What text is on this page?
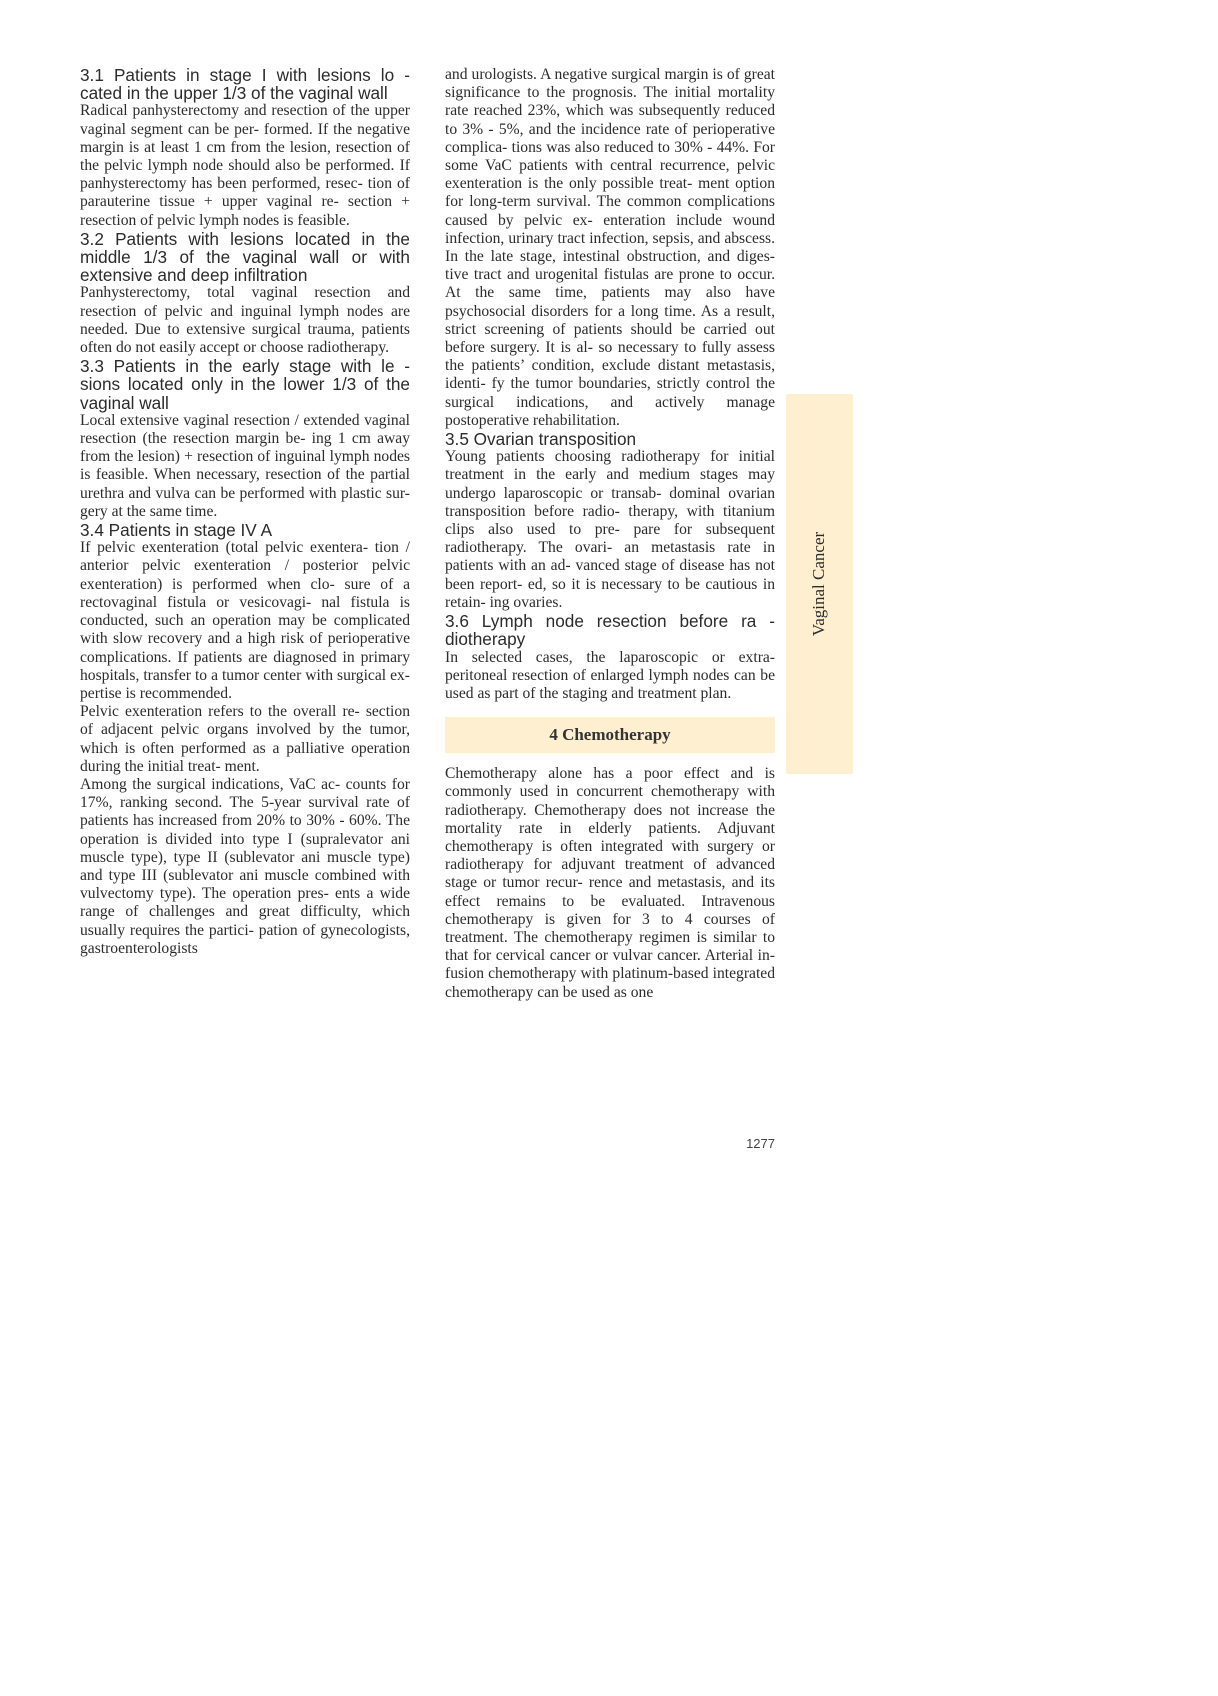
3.1 Patients in stage I with lesions lo - cated in the upper 1/3 of the vaginal wall

Radical panhysterectomy and resection of the upper vaginal segment can be per- formed. If the negative margin is at least 1 cm from the lesion, resection of the pelvic lymph node should also be performed. If panhysterectomy has been performed, resec- tion of parauterine tissue + upper vaginal re- section + resection of pelvic lymph nodes is feasible.

3.2 Patients with lesions located in the middle 1/3 of the vaginal wall or with extensive and deep infiltration

Panhysterectomy, total vaginal resection and resection of pelvic and inguinal lymph nodes are needed. Due to extensive surgical trauma, patients often do not easily accept or choose radiotherapy.

3.3 Patients in the early stage with le - sions located only in the lower 1/3 of the vaginal wall

Local extensive vaginal resection / extended vaginal resection (the resection margin be- ing 1 cm away from the lesion) + resection of inguinal lymph nodes is feasible. When necessary, resection of the partial urethra and vulva can be performed with plastic sur- gery at the same time.

3.4 Patients in stage IV A

If pelvic exenteration (total pelvic exentera- tion / anterior pelvic exenteration / posterior pelvic exenteration) is performed when clo- sure of a rectovaginal fistula or vesicovagi- nal fistula is conducted, such an operation may be complicated with slow recovery and a high risk of perioperative complications. If patients are diagnosed in primary hospitals, transfer to a tumor center with surgical ex- pertise is recommended.

Pelvic exenteration refers to the overall re- section of adjacent pelvic organs involved by the tumor, which is often performed as a palliative operation during the initial treat- ment.

Among the surgical indications, VaC ac- counts for 17%, ranking second. The 5-year survival rate of patients has increased from 20% to 30% - 60%. The operation is divided into type I (supralevator ani muscle type), type II (sublevator ani muscle type) and type III (sublevator ani muscle combined with vulvectomy type). The operation pres- ents a wide range of challenges and great difficulty, which usually requires the partici- pation of gynecologists, gastroenterologists

and urologists. A negative surgical margin is of great significance to the prognosis. The initial mortality rate reached 23%, which was subsequently reduced to 3% - 5%, and the incidence rate of perioperative complica- tions was also reduced to 30% - 44%. For some VaC patients with central recurrence, pelvic exenteration is the only possible treat- ment option for long-term survival. The common complications caused by pelvic ex- enteration include wound infection, urinary tract infection, sepsis, and abscess. In the late stage, intestinal obstruction, and diges- tive tract and urogenital fistulas are prone to occur. At the same time, patients may also have psychosocial disorders for a long time. As a result, strict screening of patients should be carried out before surgery. It is al- so necessary to fully assess the patients’ condition, exclude distant metastasis, identi- fy the tumor boundaries, strictly control the surgical indications, and actively manage postoperative rehabilitation.

3.5 Ovarian transposition

Young patients choosing radiotherapy for initial treatment in the early and medium stages may undergo laparoscopic or transab- dominal ovarian transposition before radio- therapy, with titanium clips also used to pre- pare for subsequent radiotherapy. The ovari- an metastasis rate in patients with an ad- vanced stage of disease has not been report- ed, so it is necessary to be cautious in retain- ing ovaries.

3.6 Lymph node resection before ra - diotherapy

In selected cases, the laparoscopic or extra- peritoneal resection of enlarged lymph nodes can be used as part of the staging and treatment plan.

4 Chemotherapy

Chemotherapy alone has a poor effect and is commonly used in concurrent chemotherapy with radiotherapy. Chemotherapy does not increase the mortality rate in elderly patients. Adjuvant chemotherapy is often integrated with surgery or radiotherapy for adjuvant treatment of advanced stage or tumor recur- rence and metastasis, and its effect remains to be evaluated. Intravenous chemotherapy is given for 3 to 4 courses of treatment. The chemotherapy regimen is similar to that for cervical cancer or vulvar cancer. Arterial in- fusion chemotherapy with platinum-based integrated chemotherapy can be used as one

Vaginal Cancer
1277
